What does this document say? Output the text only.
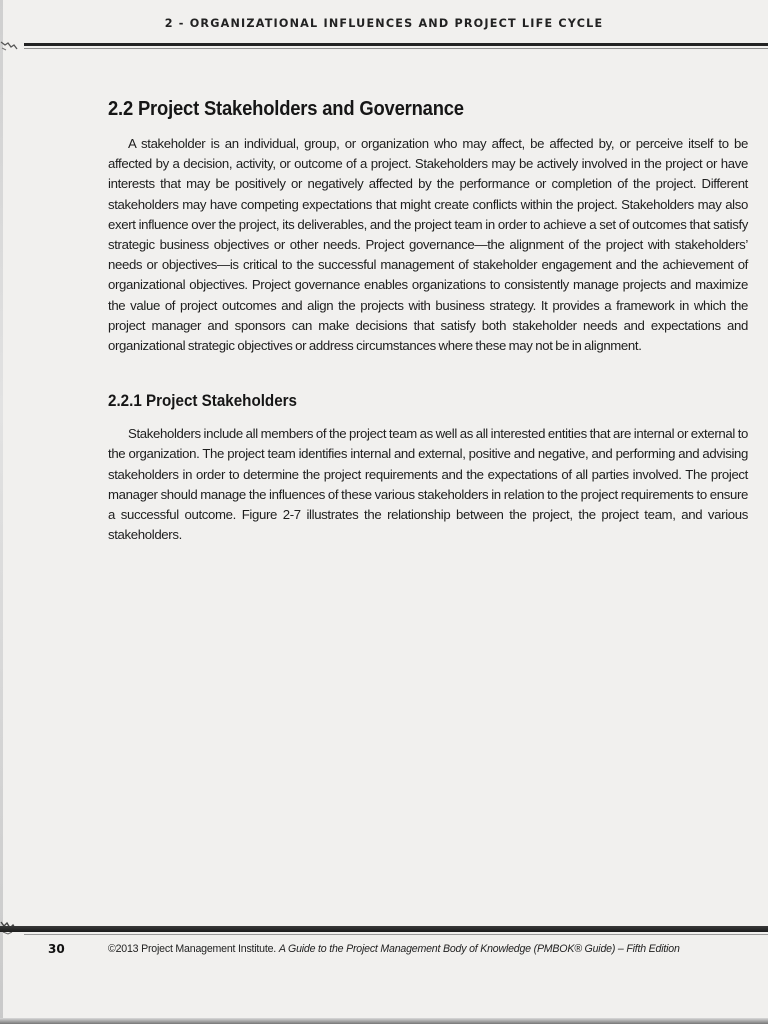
2 - ORGANIZATIONAL INFLUENCES AND PROJECT LIFE CYCLE
2.2 Project Stakeholders and Governance

A stakeholder is an individual, group, or organization who may affect, be affected by, or perceive itself to be affected by a decision, activity, or outcome of a project. Stakeholders may be actively involved in the project or have interests that may be positively or negatively affected by the performance or completion of the project. Different stakeholders may have competing expectations that might create conflicts within the project. Stakeholders may also exert influence over the project, its deliverables, and the project team in order to achieve a set of outcomes that satisfy strategic business objectives or other needs. Project governance—the alignment of the project with stakeholders’ needs or objectives—is critical to the successful management of stakeholder engagement and the achievement of organizational objectives. Project governance enables organizations to consistently manage projects and maximize the value of project outcomes and align the projects with business strategy. It provides a framework in which the project manager and sponsors can make decisions that satisfy both stakeholder needs and expectations and organizational strategic objectives or address circumstances where these may not be in alignment.

2.2.1 Project Stakeholders

Stakeholders include all members of the project team as well as all interested entities that are internal or external to the organization. The project team identifies internal and external, positive and negative, and performing and advising stakeholders in order to determine the project requirements and the expectations of all parties involved. The project manager should manage the influences of these various stakeholders in relation to the project requirements to ensure a successful outcome. Figure 2-7 illustrates the relationship between the project, the project team, and various stakeholders.

30	©2013 Project Management Institute. A Guide to the Project Management Body of Knowledge (PMBOK® Guide) – Fifth Edition
